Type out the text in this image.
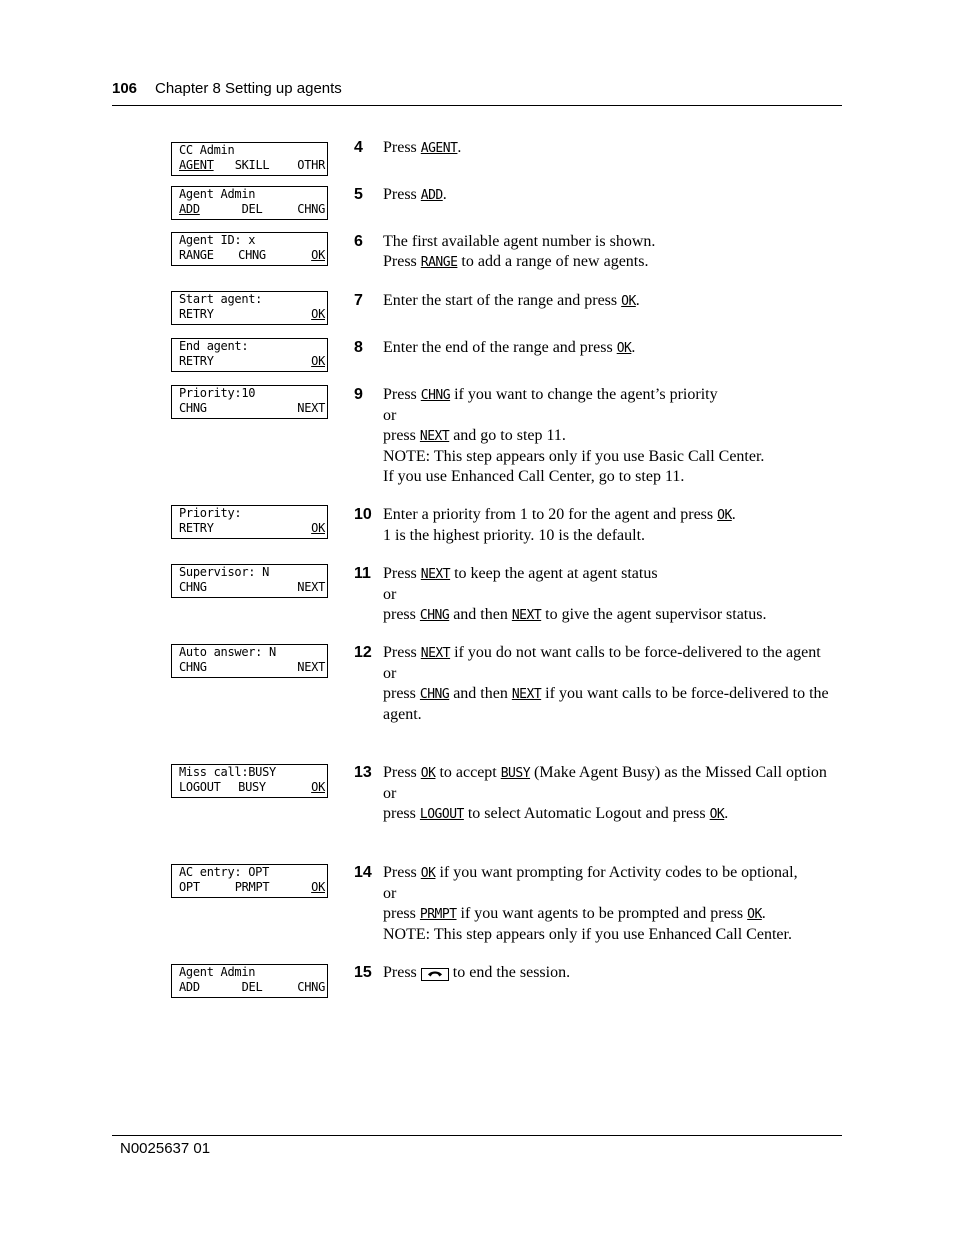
106 Chapter 8 Setting up agents
CC Admin
AGENT SKILL OTHR
Agent Admin
ADD	DEL	CHNG
Agent ID: x
RANGE CHNG	OK
Start agent:
RETRY	OK
End agent:
RETRY	OK
Priority:10
CHNG	NEXT
Priority:
RETRY	OK
Supervisor: N
CHNG	NEXT
Auto answer: N
CHNG	NEXT
Miss call:BUSY
LOGOUT BUSY	OK
AC entry: OPT
OPT	PRMPT	OK
Agent Admin
ADD	DEL	CHNG
4 Press AGENT.

5 Press ADD.

6 The first available agent number is shown.

Press RANGE to add a range of new agents.

7 Enter the start of the range and press OK.

8 Enter the end of the range and press OK.

9 Press CHNG if you want to change the agent’s priority

or

press NEXT and go to step 11.

NOTE: This step appears only if you use Basic Call Center.

If you use Enhanced Call Center, go to step 11.

10 Enter a priority from 1 to 20 for the agent and press OK.

1 is the highest priority. 10 is the default.

11 Press NEXT to keep the agent at agent status

or

press CHNG and then NEXT to give the agent supervisor status.

12 Press NEXT if you do not want calls to be force-delivered to the agent

or

press CHNG and then NEXT if you want calls to be force-delivered to the agent.

13 Press OK to accept BUSY (Make Agent Busy) as the Missed Call option

or

press LOGOUT to select Automatic Logout and press OK.

14 Press OK if you want prompting for Activity codes to be optional,

or

press PRMPT if you want agents to be prompted and press OK.

NOTE: This step appears only if you use Enhanced Call Center.

15 Press  to end the session.

N0025637 01
